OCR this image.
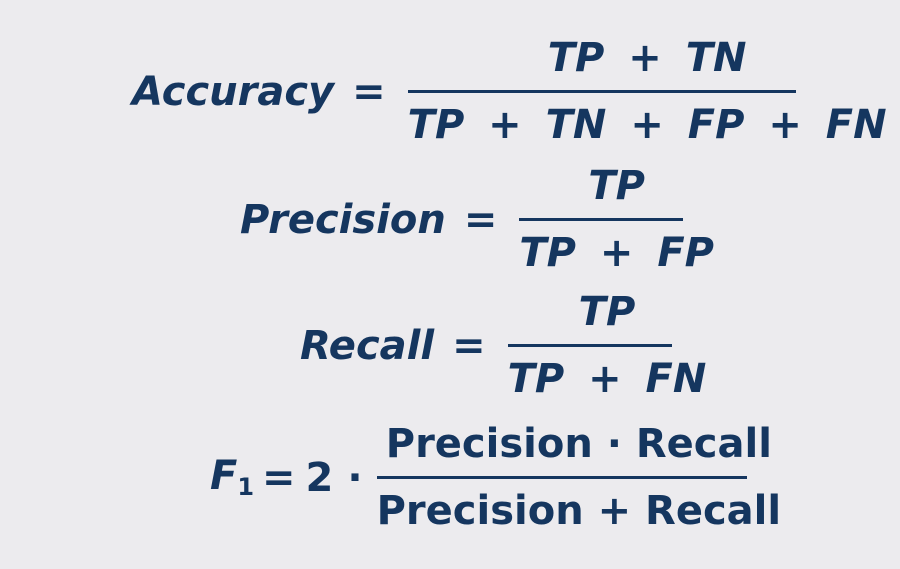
Accuracy = $\frac{TP + TN}{TP + TN + FP + FN}$
Precision = $\frac{TP}{TP + FP}$
Recall = $\frac{TP}{TP + FN}$
$F_1 = 2 \cdot \frac{\text{Precision · Recall}}{\text{Precision + Recall}}$
